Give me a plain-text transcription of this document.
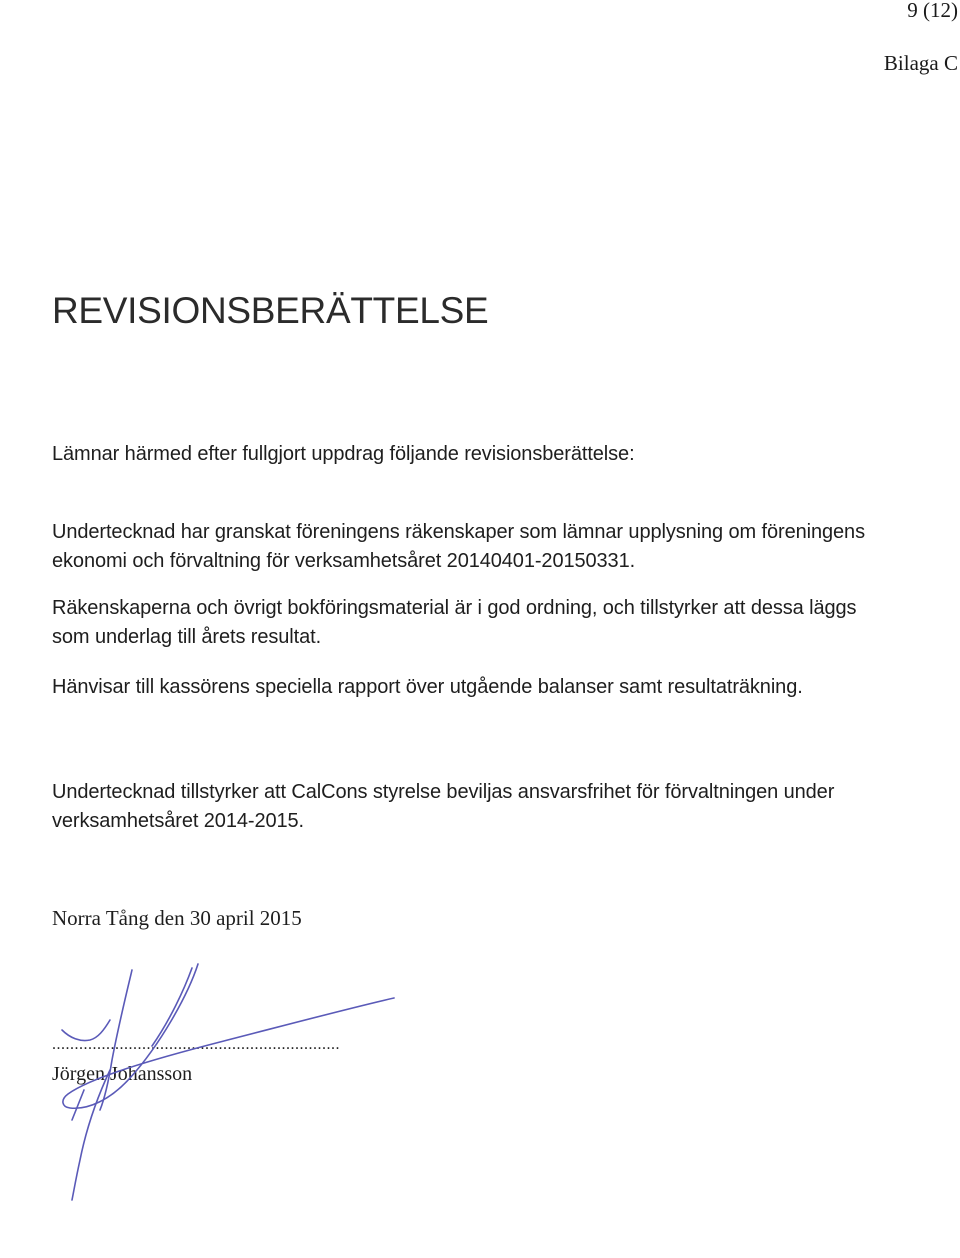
9 (12)
Bilaga C
REVISIONSBERÄTTELSE

Lämnar härmed efter fullgjort uppdrag följande revisionsberättelse:

Undertecknad har granskat föreningens räkenskaper som lämnar upplysning om föreningens ekonomi och förvaltning för verksamhetsåret 20140401-20150331.

Räkenskaperna och övrigt bokföringsmaterial är i god ordning, och tillstyrker att dessa läggs som underlag till årets resultat.

Hänvisar till kassörens speciella rapport över utgående balanser samt resultaträkning.

Undertecknad tillstyrker att CalCons styrelse beviljas ansvarsfrihet för förvaltningen under verksamhetsåret 2014-2015.

Norra Tång den 30 april 2015
................................................................
Jörgen Johansson
